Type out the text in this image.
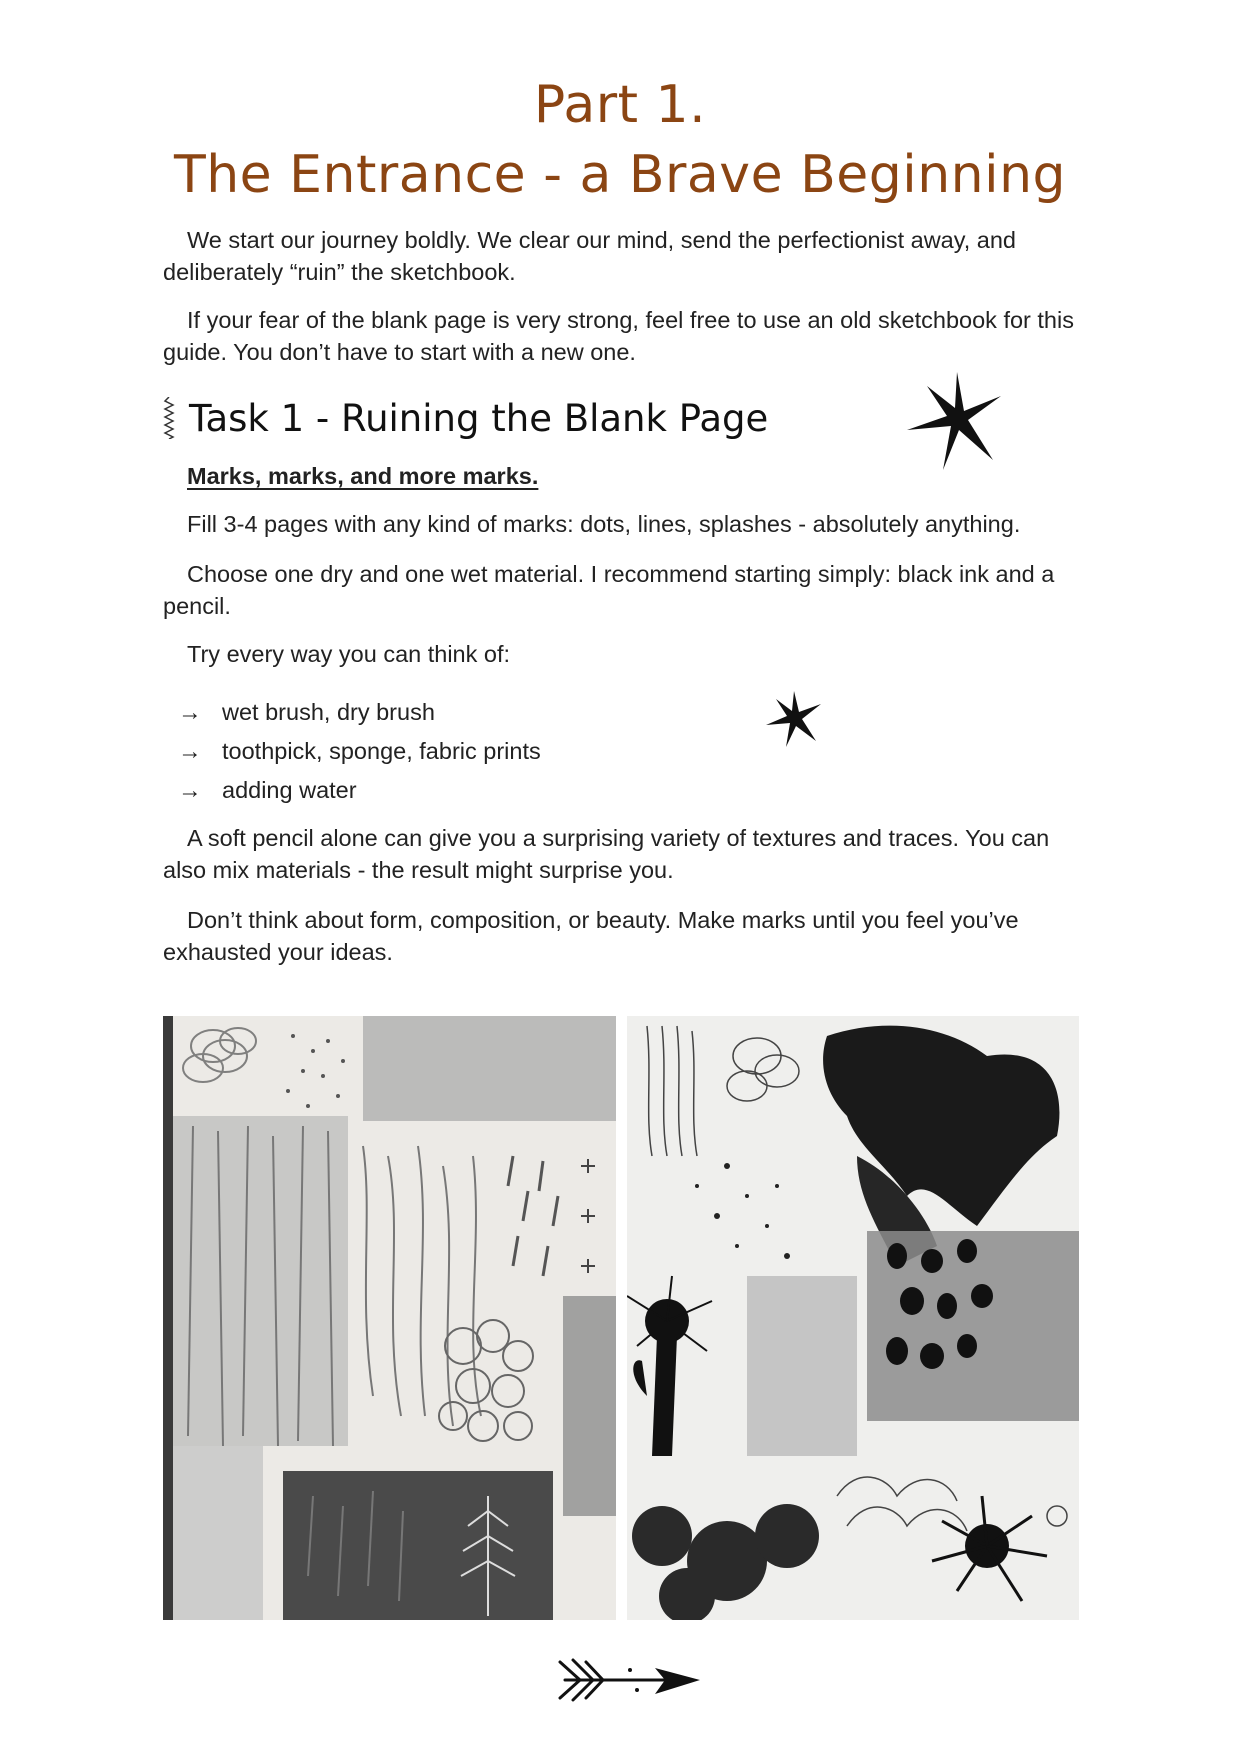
Part 1.
The Entrance - a Brave Beginning

We start our journey boldly. We clear our mind, send the perfectionist away, and deliberately “ruin” the sketchbook.

If your fear of the blank page is very strong, feel free to use an old sketchbook for this guide. You don’t have to start with a new one.

Task 1 - Ruining the Blank Page
Marks, marks, and more marks.

Fill 3-4 pages with any kind of marks: dots, lines, splashes - absolutely anything.

Choose one dry and one wet material. I recommend starting simply: black ink and a pencil.

Try every way you can think of:

→ wet brush, dry brush
→ toothpick, sponge, fabric prints
→ adding water

A soft pencil alone can give you a surprising variety of textures and traces. You can also mix materials - the result might surprise you.

Don’t think about form, composition, or beauty. Make marks until you feel you’ve exhausted your ideas.
